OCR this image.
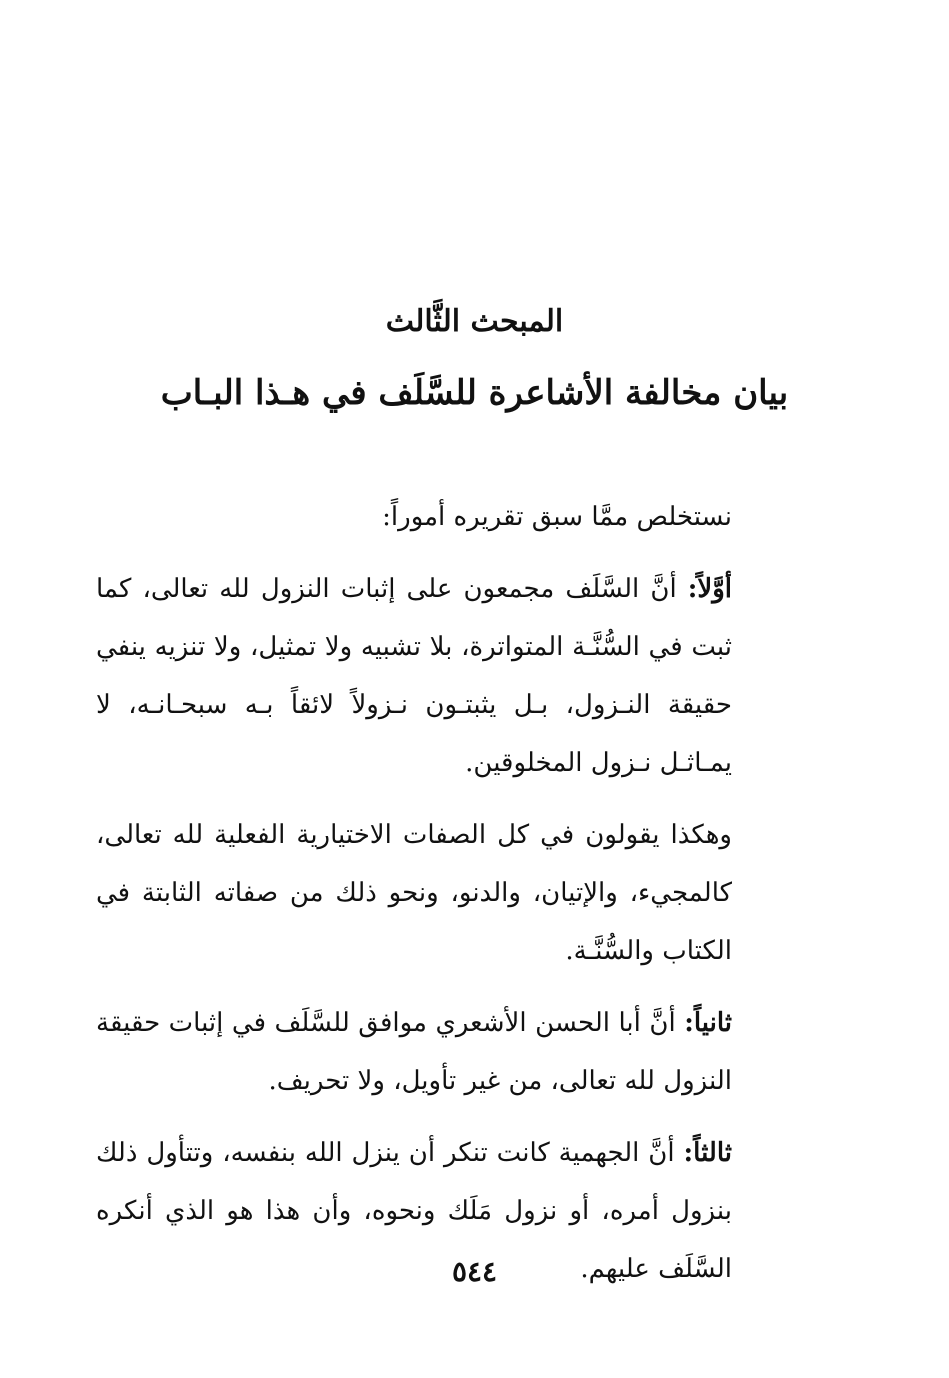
المبحث الثَّالث
بيان مخالفة الأشاعرة للسَّلَف في هـذا البـاب

نستخلص ممَّا سبق تقريره أموراً:

أوَّلاً: أنَّ السَّلَف مجمعون على إثبات النزول لله تعالى، كما ثبت في السُّنَّـة المتواترة، بلا تشبيه ولا تمثيل، ولا تنزيه ينفي حقيقة النـزول، بـل يثبتـون نـزولاً لائقاً بـه سبحـانـه، لا يمـاثـل نـزول المخلوقين.

وهكذا يقولون في كل الصفات الاختيارية الفعلية لله تعالى، كالمجيء، والإتيان، والدنو، ونحو ذلك من صفاته الثابتة في الكتاب والسُّنَّـة.

ثانياً: أنَّ أبا الحسن الأشعري موافق للسَّلَف في إثبات حقيقة النزول لله تعالى، من غير تأويل، ولا تحريف.

ثالثاً: أنَّ الجهمية كانت تنكر أن ينزل الله بنفسه، وتتأول ذلك بنزول أمره، أو نزول مَلَك ونحوه، وأن هذا هو الذي أنكره السَّلَف عليهم.

٥٤٤
